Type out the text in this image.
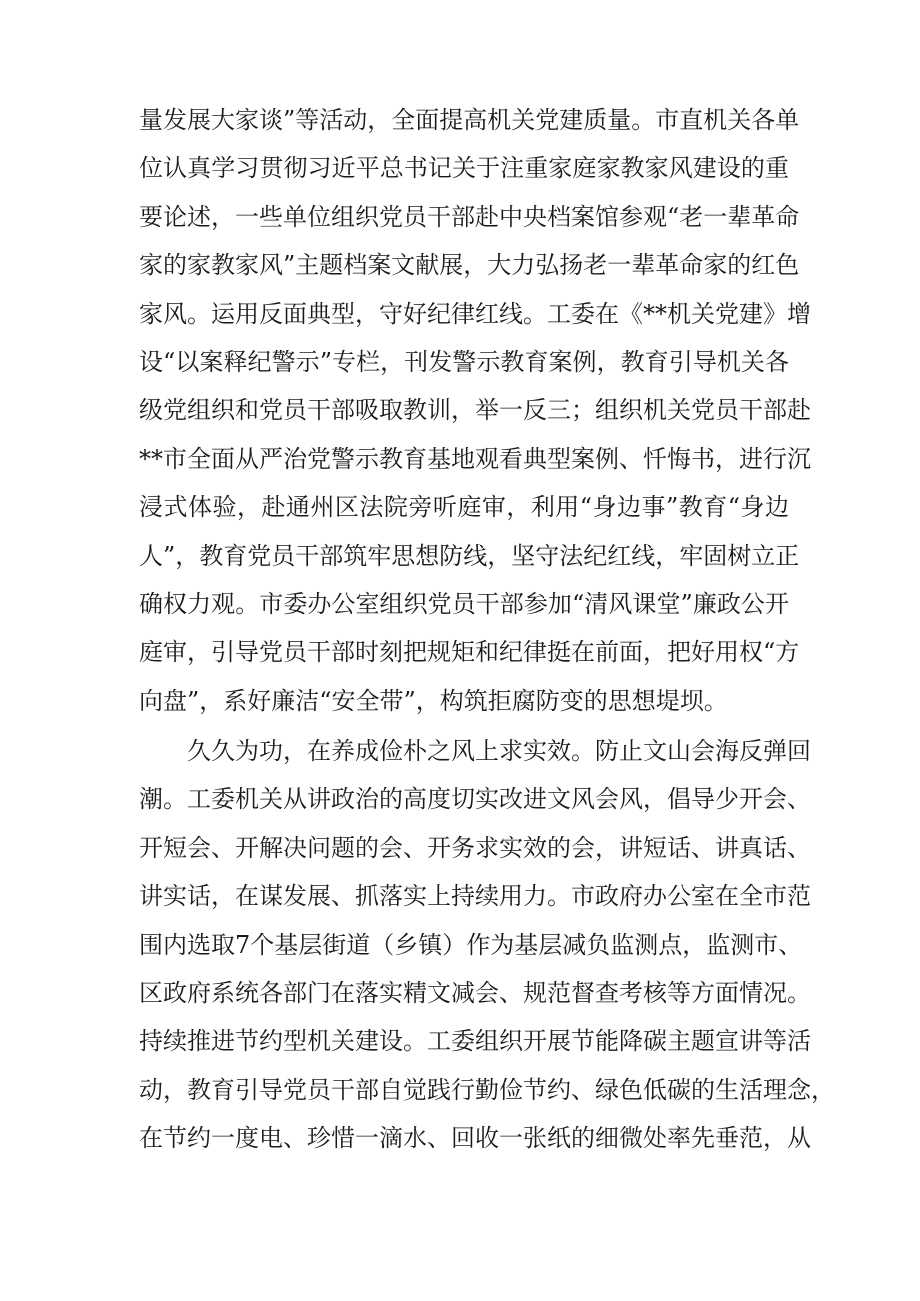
量发展大家谈”等活动，全面提高机关党建质量。市直机关各单
位认真学习贯彻习近平总书记关于注重家庭家教家风建设的重
要论述，一些单位组织党员干部赴中央档案馆参观“老一辈革命
家的家教家风”主题档案文献展，大力弘扬老一辈革命家的红色
家风。运用反面典型，守好纪律红线。工委在《**机关党建》增
设“以案释纪警示”专栏，刊发警示教育案例，教育引导机关各
级党组织和党员干部吸取教训，举一反三；组织机关党员干部赴
**市全面从严治党警示教育基地观看典型案例、忏悔书，进行沉
浸式体验，赴通州区法院旁听庭审，利用“身边事”教育“身边
人”，教育党员干部筑牢思想防线，坚守法纪红线，牢固树立正
确权力观。市委办公室组织党员干部参加“清风课堂”廉政公开
庭审，引导党员干部时刻把规矩和纪律挺在前面，把好用权“方
向盘”，系好廉洁“安全带”，构筑拒腐防变的思想堤坝。
久久为功，在养成俭朴之风上求实效。防止文山会海反弹回
潮。工委机关从讲政治的高度切实改进文风会风，倡导少开会、
开短会、开解决问题的会、开务求实效的会，讲短话、讲真话、
讲实话，在谋发展、抓落实上持续用力。市政府办公室在全市范
围内选取7个基层街道（乡镇）作为基层减负监测点，监测市、
区政府系统各部门在落实精文减会、规范督查考核等方面情况。
持续推进节约型机关建设。工委组织开展节能降碳主题宣讲等活
动，教育引导党员干部自觉践行勤俭节约、绿色低碳的生活理念，
在节约一度电、珍惜一滴水、回收一张纸的细微处率先垂范，从
